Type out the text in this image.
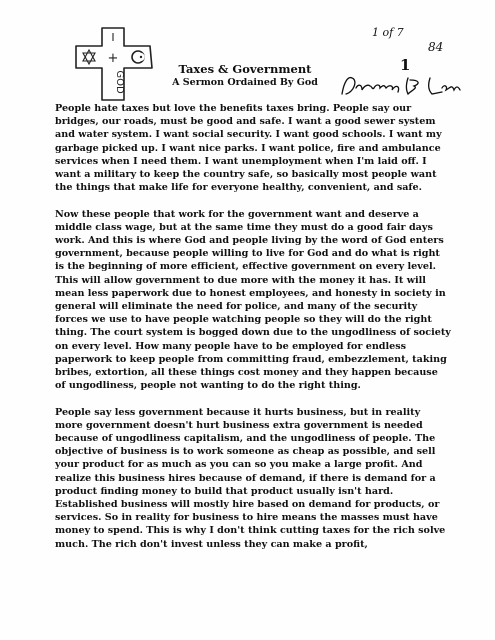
I
+
GOD
1 of 7
84
1
Taxes & Government
A Sermon Ordained By God

People hate taxes but love the benefits taxes bring. People say our bridges, our roads, must be good and safe. I want a good sewer system and water system. I want social security. I want good schools. I want my garbage picked up. I want nice parks. I want police, fire and ambulance services when I need them. I want unemployment when I'm laid off. I want a military to keep the country safe, so basically most people want the things that make life for everyone healthy, convenient, and safe.

Now these people that work for the government want and deserve a middle class wage, but at the same time they must do a good fair days work. And this is where God and people living by the word of God enters government, because people willing to live for God and do what is right is the beginning of more efficient, effective government on every level. This will allow government to due more with the money it has. It will mean less paperwork due to honest employees, and honesty in society in general will eliminate the need for police, and many of the security forces we use to have people watching people so they will do the right thing. The court system is bogged down due to the ungodliness of society on every level. How many people have to be employed for endless paperwork to keep people from committing fraud, embezzlement, taking bribes, extortion, all these things cost money and they happen because of ungodliness, people not wanting to do the right thing.

People say less government because it hurts business, but in reality more government doesn't hurt business extra government is needed because of ungodliness capitalism, and the ungodliness of people. The objective of business is to work someone as cheap as possible, and sell your product for as much as you can so you make a large profit. And realize this business hires because of demand, if there is demand for a product finding money to build that product usually isn't hard. Established business will mostly hire based on demand for products, or services. So in reality for business to hire means the masses must have money to spend. This is why I don't think cutting taxes for the rich solve much. The rich don't invest unless they can make a profit,
